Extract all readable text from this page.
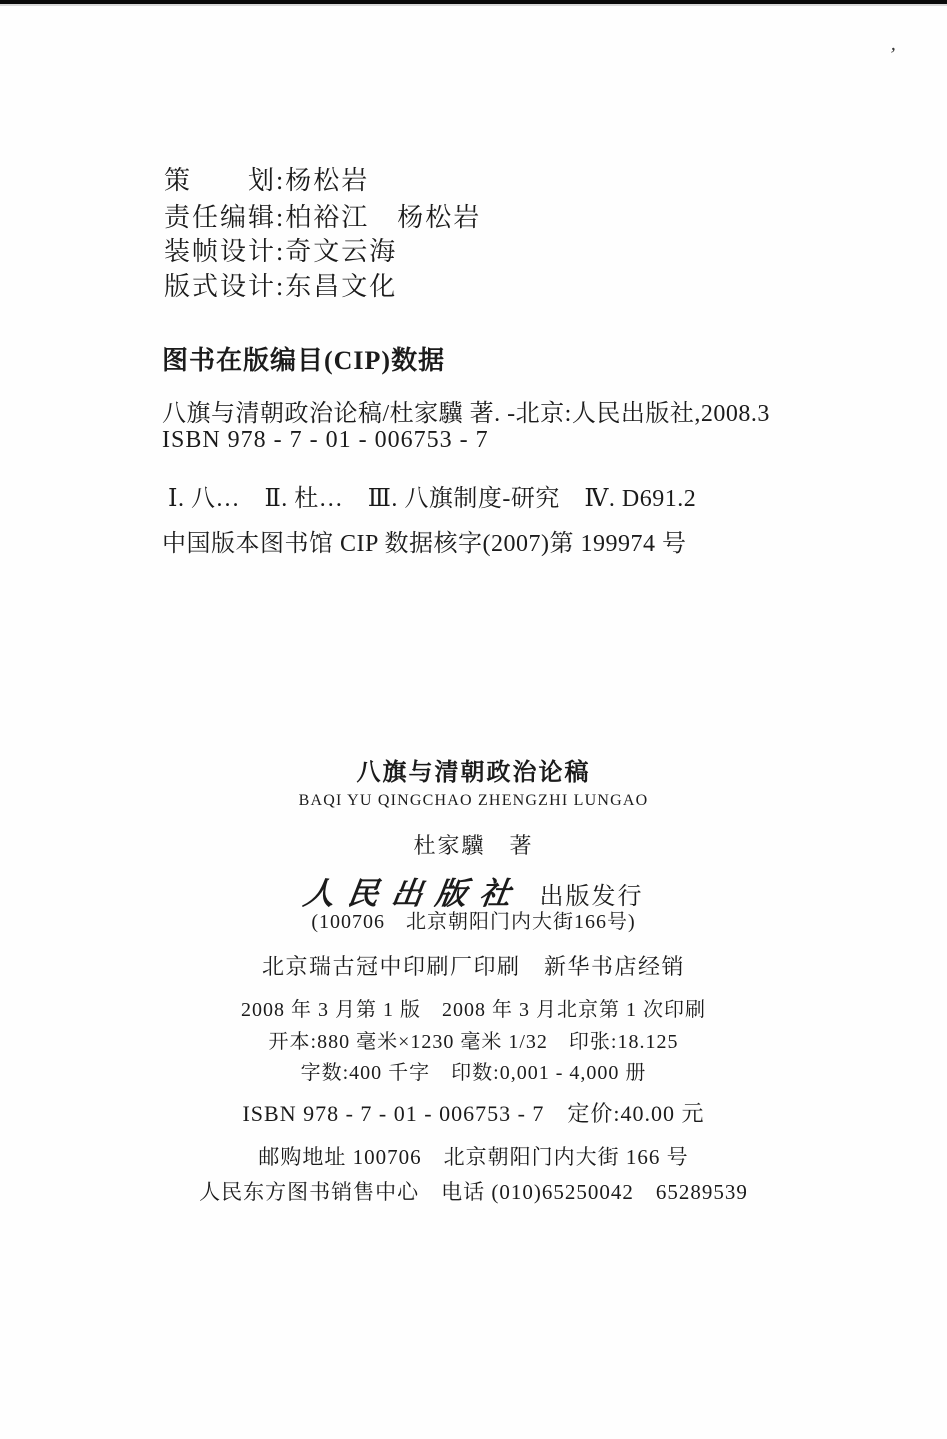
’
策　　划:杨松岩
责任编辑:柏裕江　杨松岩
装帧设计:奇文云海
版式设计:东昌文化
图书在版编目(CIP)数据
八旗与清朝政治论稿/杜家驥 著. -北京:人民出版社,2008.3
ISBN 978 - 7 - 01 - 006753 - 7
Ⅰ. 八…　Ⅱ. 杜…　Ⅲ. 八旗制度-研究　Ⅳ. D691.2
中国版本图书馆 CIP 数据核字(2007)第 199974 号
八旗与清朝政治论稿
BAQI YU QINGCHAO ZHENGZHI LUNGAO
杜家驥　著
人民出版社 出版发行
(100706　北京朝阳门内大街166号)
北京瑞古冠中印刷厂印刷　新华书店经销
2008 年 3 月第 1 版　2008 年 3 月北京第 1 次印刷
开本:880 毫米×1230 毫米 1/32　印张:18.125
字数:400 千字　印数:0,001 - 4,000 册
ISBN 978 - 7 - 01 - 006753 - 7　定价:40.00 元
邮购地址 100706　北京朝阳门内大街 166 号
人民东方图书销售中心　电话 (010)65250042　65289539
